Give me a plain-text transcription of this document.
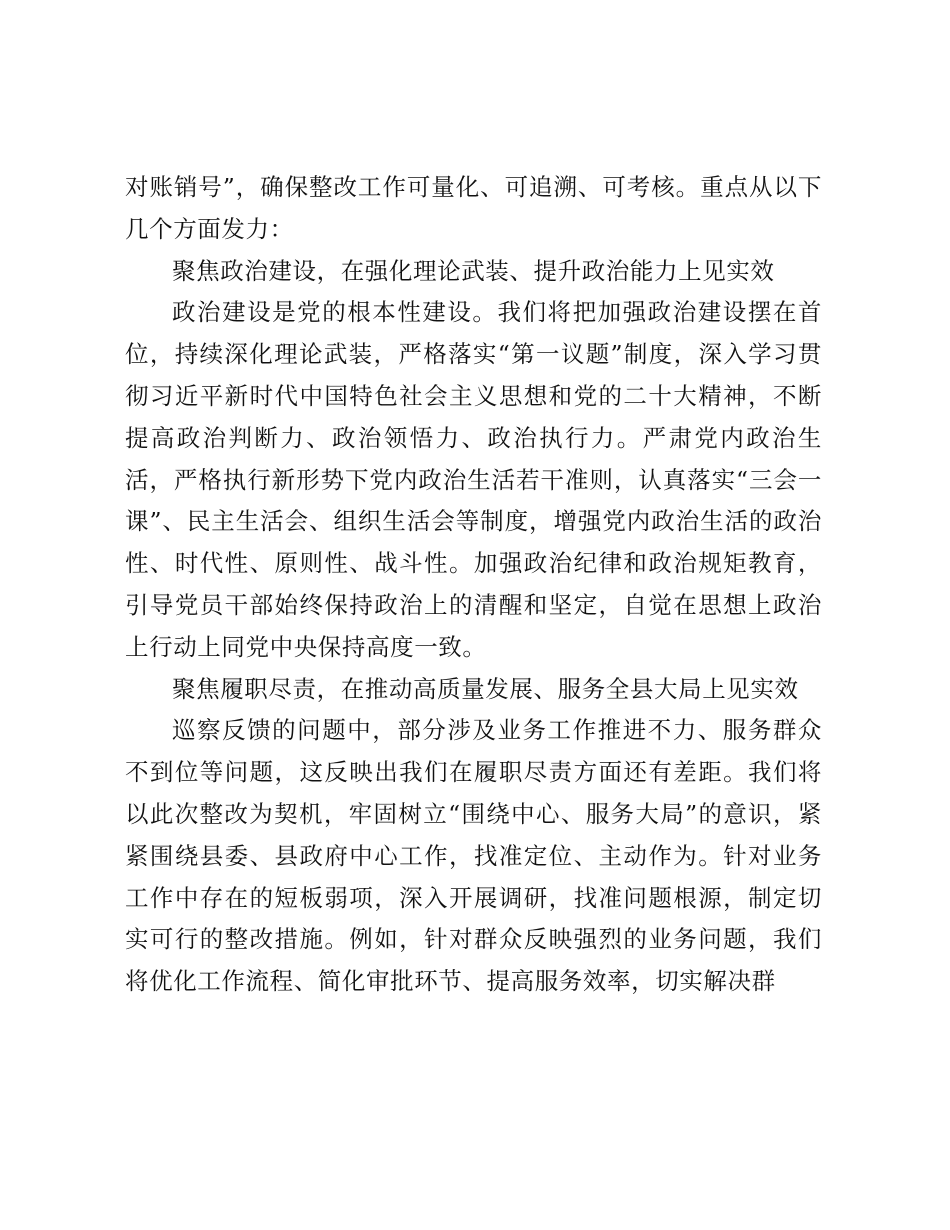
对账销号”，确保整改工作可量化、可追溯、可考核。重点从以下几个方面发力：

聚焦政治建设，在强化理论武装、提升政治能力上见实效

政治建设是党的根本性建设。我们将把加强政治建设摆在首位，持续深化理论武装，严格落实“第一议题”制度，深入学习贯彻习近平新时代中国特色社会主义思想和党的二十大精神，不断提高政治判断力、政治领悟力、政治执行力。严肃党内政治生活，严格执行新形势下党内政治生活若干准则，认真落实“三会一课”、民主生活会、组织生活会等制度，增强党内政治生活的政治性、时代性、原则性、战斗性。加强政治纪律和政治规矩教育，引导党员干部始终保持政治上的清醒和坚定，自觉在思想上政治上行动上同党中央保持高度一致。

聚焦履职尽责，在推动高质量发展、服务全县大局上见实效

巡察反馈的问题中，部分涉及业务工作推进不力、服务群众不到位等问题，这反映出我们在履职尽责方面还有差距。我们将以此次整改为契机，牢固树立“围绕中心、服务大局”的意识，紧紧围绕县委、县政府中心工作，找准定位、主动作为。针对业务工作中存在的短板弱项，深入开展调研，找准问题根源，制定切实可行的整改措施。例如，针对群众反映强烈的业务问题，我们将优化工作流程、简化审批环节、提高服务效率，切实解决群
